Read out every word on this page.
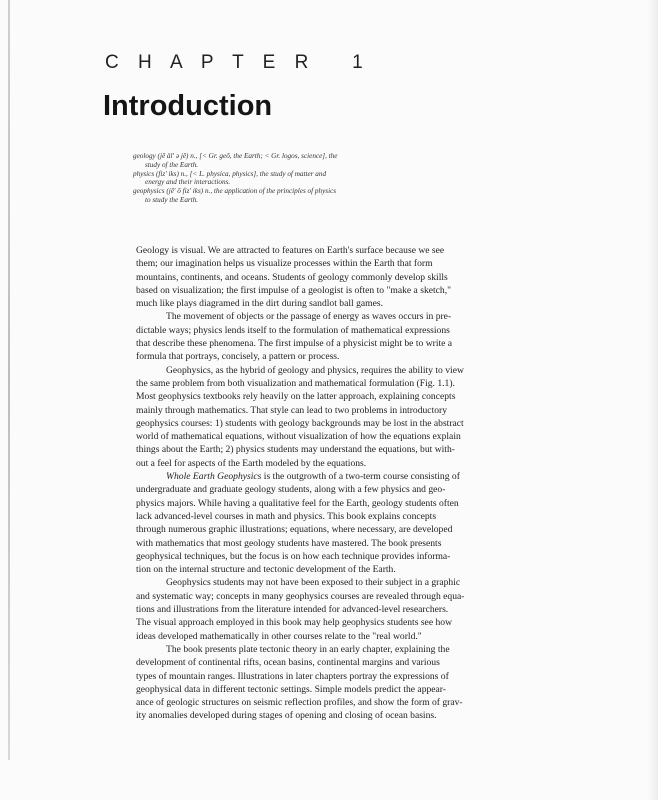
C H A P T E R   1
Introduction
geology (jē äl' ə jē) n., [< Gr. geō, the Earth; < Gr. logos, science], the
study of the Earth.
physics (fiz' iks) n., [< L. physica, physics], the study of matter and
energy and their interactions.
geophysics (jē' ō fiz' iks) n., the application of the principles of physics
to study the Earth.
Geology is visual. We are attracted to features on Earth's surface because we see
them; our imagination helps us visualize processes within the Earth that form
mountains, continents, and oceans. Students of geology commonly develop skills
based on visualization; the first impulse of a geologist is often to "make a sketch,"
much like plays diagramed in the dirt during sandlot ball games.
The movement of objects or the passage of energy as waves occurs in pre-
dictable ways; physics lends itself to the formulation of mathematical expressions
that describe these phenomena. The first impulse of a physicist might be to write a
formula that portrays, concisely, a pattern or process.
Geophysics, as the hybrid of geology and physics, requires the ability to view
the same problem from both visualization and mathematical formulation (Fig. 1.1).
Most geophysics textbooks rely heavily on the latter approach, explaining concepts
mainly through mathematics. That style can lead to two problems in introductory
geophysics courses: 1) students with geology backgrounds may be lost in the abstract
world of mathematical equations, without visualization of how the equations explain
things about the Earth; 2) physics students may understand the equations, but with-
out a feel for aspects of the Earth modeled by the equations.
Whole Earth Geophysics is the outgrowth of a two-term course consisting of
undergraduate and graduate geology students, along with a few physics and geo-
physics majors. While having a qualitative feel for the Earth, geology students often
lack advanced-level courses in math and physics. This book explains concepts
through numerous graphic illustrations; equations, where necessary, are developed
with mathematics that most geology students have mastered. The book presents
geophysical techniques, but the focus is on how each technique provides informa-
tion on the internal structure and tectonic development of the Earth.
Geophysics students may not have been exposed to their subject in a graphic
and systematic way; concepts in many geophysics courses are revealed through equa-
tions and illustrations from the literature intended for advanced-level researchers.
The visual approach employed in this book may help geophysics students see how
ideas developed mathematically in other courses relate to the "real world."
The book presents plate tectonic theory in an early chapter, explaining the
development of continental rifts, ocean basins, continental margins and various
types of mountain ranges. Illustrations in later chapters portray the expressions of
geophysical data in different tectonic settings. Simple models predict the appear-
ance of geologic structures on seismic reflection profiles, and show the form of grav-
ity anomalies developed during stages of opening and closing of ocean basins.
